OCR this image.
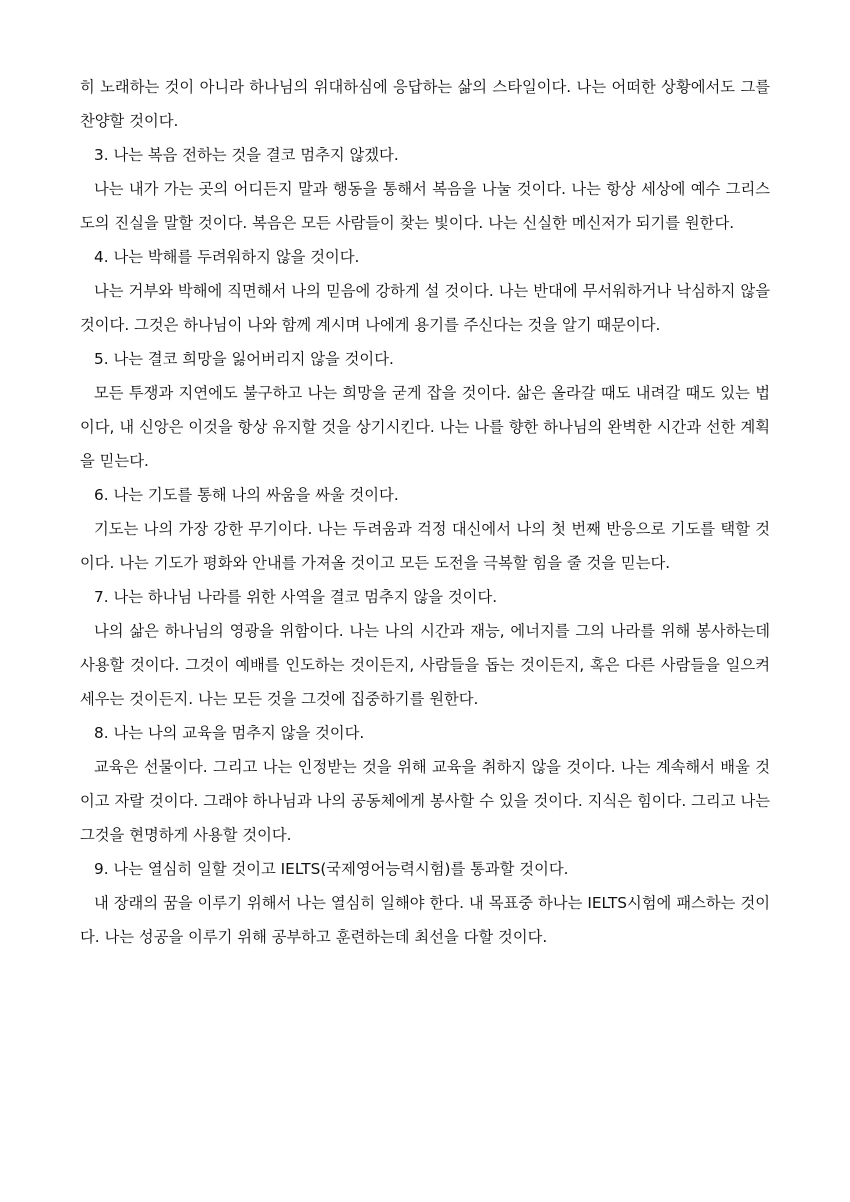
히 노래하는 것이 아니라 하나님의 위대하심에 응답하는 삶의 스타일이다. 나는 어떠한 상황에서도 그를 찬양할 것이다.

3. 나는 복음 전하는 것을 결코 멈추지 않겠다.

나는 내가 가는 곳의 어디든지 말과 행동을 통해서 복음을 나눌 것이다. 나는 항상 세상에 예수 그리스도의 진실을 말할 것이다. 복음은 모든 사람들이 찾는 빛이다. 나는 신실한 메신저가 되기를 원한다.

4. 나는 박해를 두려워하지 않을 것이다.

나는 거부와 박해에 직면해서 나의 믿음에 강하게 설 것이다. 나는 반대에 무서워하거나 낙심하지 않을 것이다. 그것은 하나님이 나와 함께 계시며 나에게 용기를 주신다는 것을 알기 때문이다.

5. 나는 결코 희망을 잃어버리지 않을 것이다.

모든 투쟁과 지연에도 불구하고 나는 희망을 굳게 잡을 것이다. 삶은 올라갈 때도 내려갈 때도 있는 법이다, 내 신앙은 이것을 항상 유지할 것을 상기시킨다. 나는 나를 향한 하나님의 완벽한 시간과 선한 계획을 믿는다.

6. 나는 기도를 통해 나의 싸움을 싸울 것이다.

기도는 나의 가장 강한 무기이다. 나는 두려움과 걱정 대신에서 나의 첫 번째 반응으로 기도를 택할 것이다. 나는 기도가 평화와 안내를 가져올 것이고 모든 도전을 극복할 힘을 줄 것을 믿는다.

7. 나는 하나님 나라를 위한 사역을 결코 멈추지 않을 것이다.

나의 삶은 하나님의 영광을 위함이다. 나는 나의 시간과 재능, 에너지를 그의 나라를 위해 봉사하는데 사용할 것이다. 그것이 예배를 인도하는 것이든지, 사람들을 돕는 것이든지, 혹은 다른 사람들을 일으켜 세우는 것이든지. 나는 모든 것을 그것에 집중하기를 원한다.

8. 나는 나의 교육을 멈추지 않을 것이다.

교육은 선물이다. 그리고 나는 인정받는 것을 위해 교육을 취하지 않을 것이다. 나는 계속해서 배울 것이고 자랄 것이다. 그래야 하나님과 나의 공동체에게 봉사할 수 있을 것이다. 지식은 힘이다. 그리고 나는 그것을 현명하게 사용할 것이다.

9. 나는 열심히 일할 것이고 IELTS(국제영어능력시험)를 통과할 것이다.

내 장래의 꿈을 이루기 위해서 나는 열심히 일해야 한다. 내 목표중 하나는 IELTS시험에 패스하는 것이다. 나는 성공을 이루기 위해 공부하고 훈련하는데 최선을 다할 것이다.
